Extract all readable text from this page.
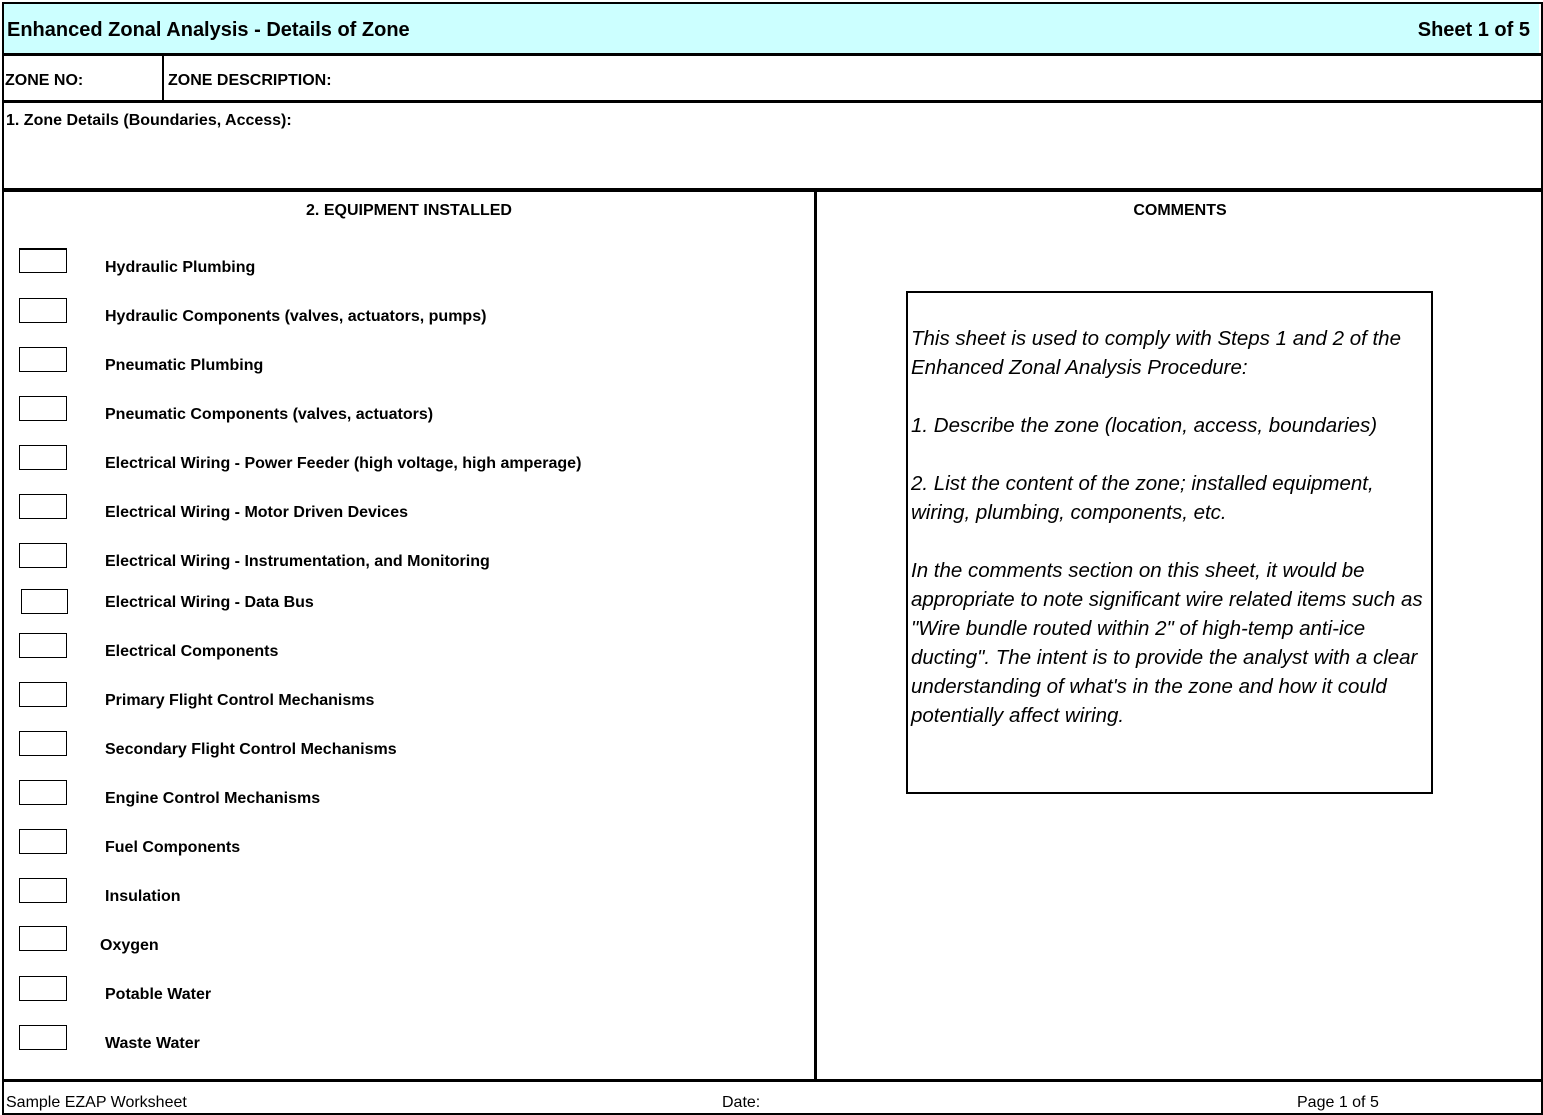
Enhanced Zonal Analysis - Details of Zone	Sheet 1 of 5
ZONE NO:	ZONE DESCRIPTION:
1. Zone Details (Boundaries, Access):
2. EQUIPMENT INSTALLED	COMMENTS
Hydraulic Plumbing
Hydraulic Components (valves, actuators, pumps)
Pneumatic Plumbing
Pneumatic Components (valves, actuators)
Electrical Wiring - Power Feeder (high voltage, high amperage)
Electrical Wiring - Motor Driven Devices
Electrical Wiring - Instrumentation, and Monitoring
Electrical Wiring - Data Bus
Electrical Components
Primary Flight Control Mechanisms
Secondary Flight Control Mechanisms
Engine Control Mechanisms
Fuel Components
Insulation
Oxygen
Potable Water
Waste Water
This sheet is used to comply with Steps 1 and 2 of the Enhanced Zonal Analysis Procedure:

1. Describe the zone (location, access, boundaries)

2. List the content of the zone; installed equipment, wiring, plumbing, components, etc.

In the comments section on this sheet, it would be appropriate to note significant wire related items such as "Wire bundle routed within 2" of high-temp anti-ice ducting". The intent is to provide the analyst with a clear understanding of what's in the zone and how it could potentially affect wiring.
Sample EZAP Worksheet	Date:	Page 1 of 5
